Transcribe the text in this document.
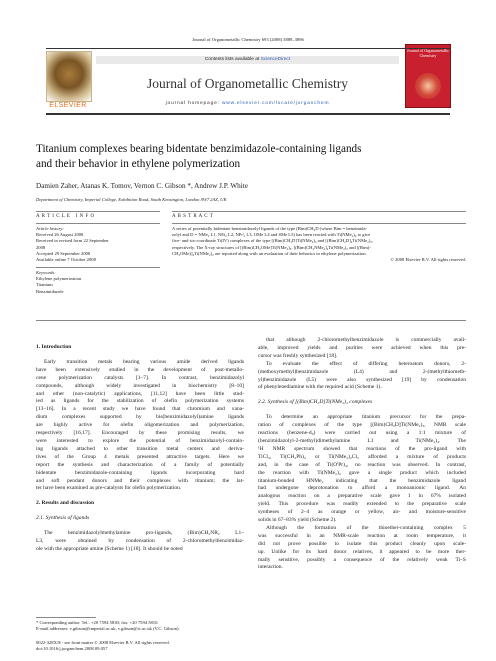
Journal of Organometallic Chemistry 693 (2008) 3889–3896
ELSEVIER
Contents lists available at ScienceDirect
Journal of Organometallic Chemistry
journal homepage: www.elsevier.com/locate/jorganchem
Journal of Organometallic Chemistry
Titanium complexes bearing bidentate benzimidazole-containing ligands
and their behavior in ethylene polymerization
Damien Zaher, Atanas K. Tomov, Vernon C. Gibson *, Andrew J.P. White
Department of Chemistry, Imperial College, Exhibition Road, South Kensington, London SW7 2AZ, UK
A R T I C L E   I N F O
Article history:
Received 26 August 2008
Received in revised form 22 September
2008
Accepted 29 September 2008
Available online 7 October 2008
Keywords:
Ethylene polymerization
Titanium
Benzimidazole
A B S T R A C T
A series of potentially bidentate benzimidazolyl ligands of the type (Bim)CH₂D (where Bim = benzimida-
zolyl and D = NMe₂ L1, NEt₂ L2, NPrⁱ₂ L3, OMe L4 and SMe L5) has been reacted with Ti(NMe₂)₄ to give
five- and six-coordinate Ti(IV) complexes of the type [(Bim)CH₂D]Ti(NMe₂)₃ and [(Bim)CH₂D]₂Ti(NMe₂)₂,
respectively. The X-ray structures of [(Bim)CH₂OMe]Ti(NMe₂)₃, [(Bim)CH₂NMe₂]₂Ti(NMe₂)₂ and [(Bim)-
CH₂OMe)]₂Ti(NMe₂)₂ are reported along with an evaluation of their behavior in ethylene polymerization.
© 2008 Elsevier B.V. All rights reserved.

1. Introduction

Early transition metals bearing various amide derived ligands
have been extensively studied in the development of post-metallo-
cene polymerization catalysts [1–7]. In contrast, benzimidazolyl
compounds, although widely investigated in biochemistry [8–10]
and other (non-catalytic) applications, [11,12] have been little stud-
ied as ligands for the stabilization of olefin polymerization systems
[13–16]. In a recent study we have found that chromium and vana-
dium complexes supported by bis(benzimidazolyl)amine ligands
are highly active for olefin oligomerization and polymerization,
respectively [16,17]. Encouraged by these promising results, we
were interested to explore the potential of benzimidazolyl-contain-
ing ligands attached to other transition metal centers and deriva-
tives of the Group 4 metals presented attractive targets. Here we
report the synthesis and characterization of a family of potentially
bidentate benzimidazole-containing ligands incorporating hard
and soft pendant donors and their complexes with titanium; the lat-
ter have been examined as pre-catalysts for olefin polymerization.

2. Results and discussion

2.1. Synthesis of ligands

The benzimidazolylmethylamine pro-ligands, (Bim)CH₂NR₂ L1–
L3, were obtained by condensation of 2-chloromethylbenzimidaz-
ole with the appropriate amine (Scheme 1) [18]. It should be noted
* Corresponding author. Tel.: +20 7594 5830; fax: +20 7594 5810.
E-mail addresses: v.gibson@imperial.ac.uk, v.gibson@ic.ac.uk (V.C. Gibson).
0022-328X/$ - see front matter © 2008 Elsevier B.V. All rights reserved.
doi:10.1016/j.jorganchem.2008.09.057
that although 2-chloromethylbenzimidazole is commercially avail-
able, improved yields and purities were achieved when this pre-
cursor was freshly synthesized [18].
To evaluate the effect of differing heteroatom donors, 2-
(methoxymethyl)benzimidazole (L4) and 2-(methylthiometh-
yl)benzimidazole (L5) were also synthesized [19] by condensation
of phenylenediamine with the required acid (Scheme 1).

2.2. Synthesis of [(Bim)CH₂D]Ti(NMe₂)₃ complexes

To determine an appropriate titanium precursor for the prepa-
ration of complexes of the type [(Bim)CH₂D]Ti(NMe₂)₃, NMR scale
reactions (benzene-d₆) were carried out using a 1:1 mixture of
(benzimidazolyl-2-methyl)dimethylamine L1 and Ti(NMe₂)₄. The
¹H NMR spectrum showed that reactions of the pro-ligand with
TiCl₄, Ti(CH₂Ph)₄ or Ti(NMe₂)₂Cl₂ afforded a mixture of products
and, in the case of Ti(OⁱPr)₄, no reaction was observed. In contrast,
the reaction with Ti(NMe₂)₄ gave a single product which included
titanium-bonded HNMe₂ indicating that the benzimidazole ligand
had undergone deprotonation to afford a monoanionic ligand. An
analogous reaction on a preparative scale gave 1 in 67% isolated
yield. This procedure was readily extended to the preparative scale
syntheses of 2–4 as orange or yellow, air- and moisture-sensitive
solids in 67–83% yield (Scheme 2).
Although the formation of the thioether-containing complex 5
was successful in an NMR-scale reaction at room temperature, it
did not prove possible to isolate this product cleanly upon scale-
up. Unlike for its hard donor relatives, it appeared to be more ther-
mally sensitive, possibly a consequence of the relatively weak Ti–S
interaction.
